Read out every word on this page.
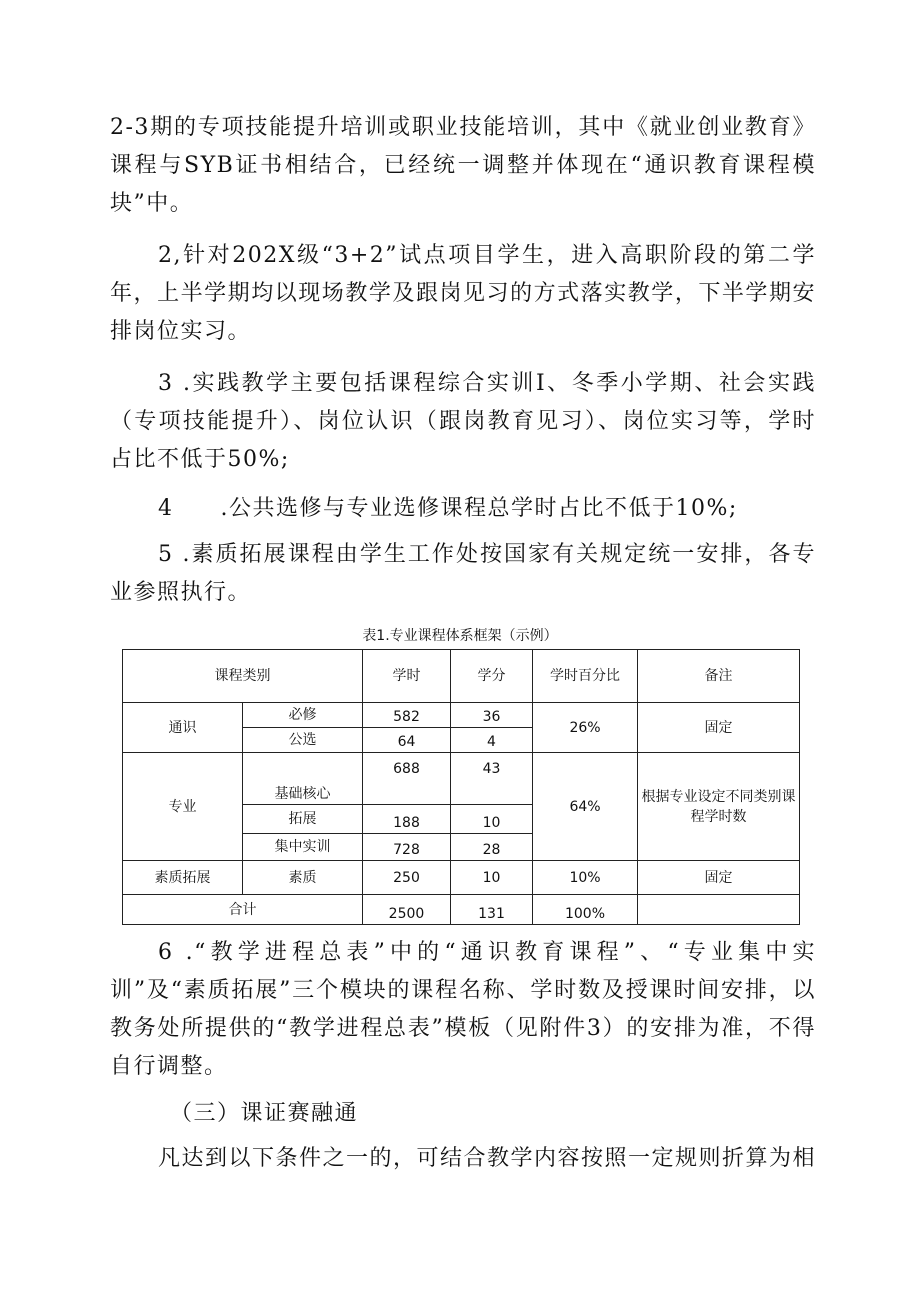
2-3期的专项技能提升培训或职业技能培训，其中《就业创业教育》课程与SYB证书相结合，已经统一调整并体现在“通识教育课程模块”中。

2,针对202X级“3+2”试点项目学生，进入高职阶段的第二学年，上半学期均以现场教学及跟岗见习的方式落实教学，下半学期安排岗位实习。

3 .实践教学主要包括课程综合实训Ⅰ、冬季小学期、社会实践（专项技能提升）、岗位认识（跟岗教育见习）、岗位实习等，学时占比不低于50%;

4　　.公共选修与专业选修课程总学时占比不低于10%;

5 .素质拓展课程由学生工作处按国家有关规定统一安排，各专业参照执行。

表1.专业课程体系框架（示例）
课程类别		学时	学分	学时百分比	备注
通识	必修	582	36	26%	固定
	公选	64	4		
专业	基础核心	688	43	64%	根据专业设定不同类别课程学时数
	拓展	188	10		
	集中实训	728	28		
素质拓展	素质	250	10	10%	固定
合计		2500	131	100%	

6 .“教学进程总表”中的“通识教育课程”、“专业集中实训”及“素质拓展”三个模块的课程名称、学时数及授课时间安排，以教务处所提供的“教学进程总表”模板（见附件3）的安排为准，不得自行调整。

（三）课证赛融通

凡达到以下条件之一的，可结合教学内容按照一定规则折算为相
